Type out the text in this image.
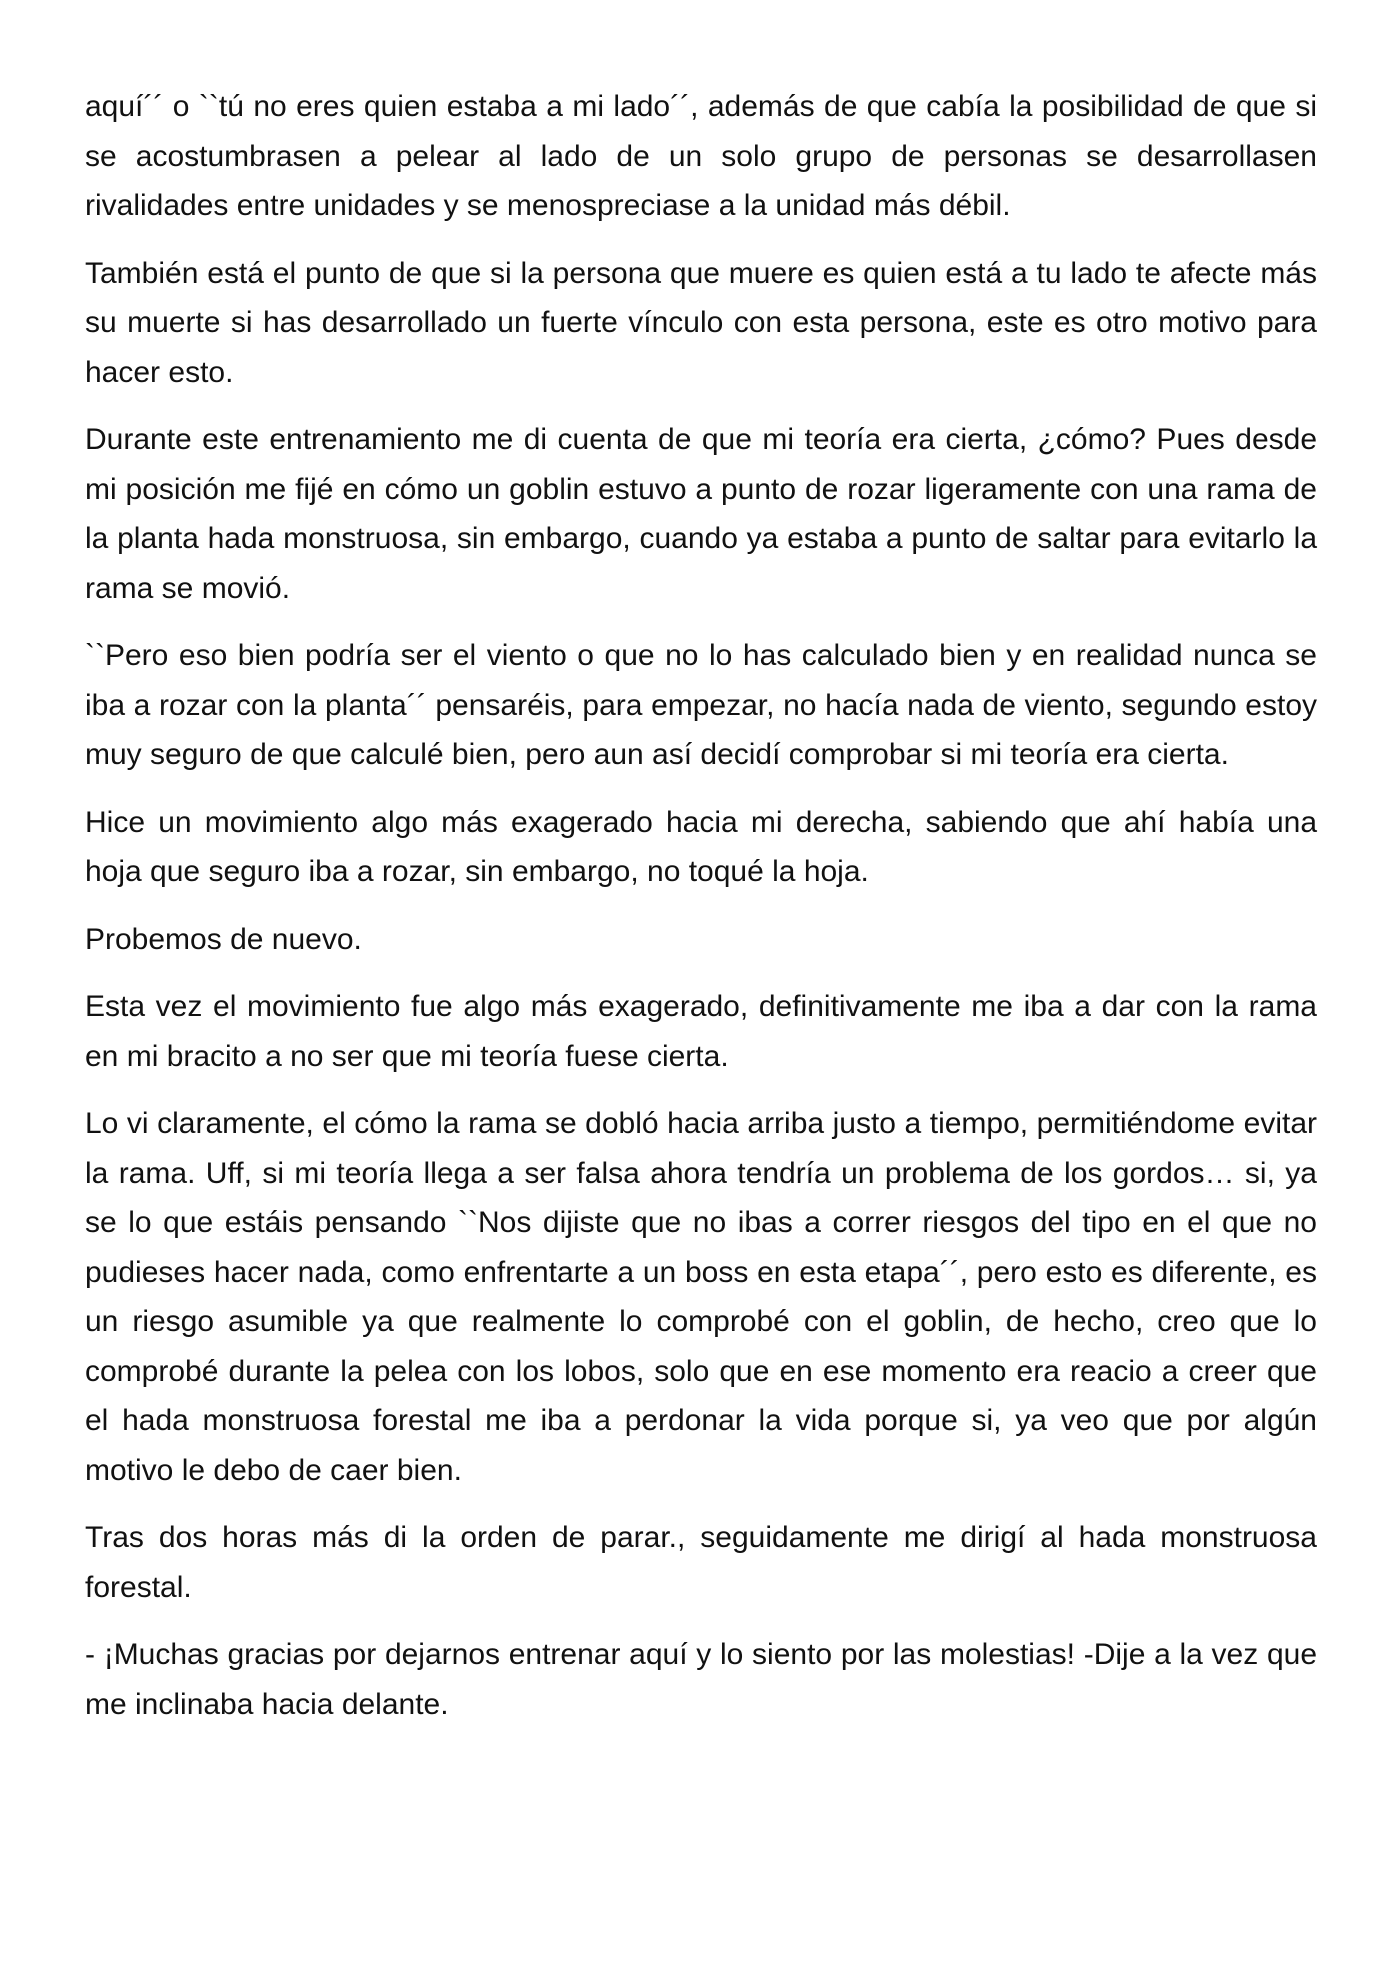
aquí´´ o ``tú no eres quien estaba a mi lado´´, además de que cabía la posibilidad de que si se acostumbrasen a pelear al lado de un solo grupo de personas se desarrollasen rivalidades entre unidades y se menospreciase a la unidad más débil.

También está el punto de que si la persona que muere es quien está a tu lado te afecte más su muerte si has desarrollado un fuerte vínculo con esta persona, este es otro motivo para hacer esto.

Durante este entrenamiento me di cuenta de que mi teoría era cierta, ¿cómo? Pues desde mi posición me fijé en cómo un goblin estuvo a punto de rozar ligeramente con una rama de la planta hada monstruosa, sin embargo, cuando ya estaba a punto de saltar para evitarlo la rama se movió.

``Pero eso bien podría ser el viento o que no lo has calculado bien y en realidad nunca se iba a rozar con la planta´´ pensaréis, para empezar, no hacía nada de viento, segundo estoy muy seguro de que calculé bien, pero aun así decidí comprobar si mi teoría era cierta.

Hice un movimiento algo más exagerado hacia mi derecha, sabiendo que ahí había una hoja que seguro iba a rozar, sin embargo, no toqué la hoja.

Probemos de nuevo.

Esta vez el movimiento fue algo más exagerado, definitivamente me iba a dar con la rama en mi bracito a no ser que mi teoría fuese cierta.

Lo vi claramente, el cómo la rama se dobló hacia arriba justo a tiempo, permitiéndome evitar la rama. Uff, si mi teoría llega a ser falsa ahora tendría un problema de los gordos… si, ya se lo que estáis pensando ``Nos dijiste que no ibas a correr riesgos del tipo en el que no pudieses hacer nada, como enfrentarte a un boss en esta etapa´´, pero esto es diferente, es un riesgo asumible ya que realmente lo comprobé con el goblin, de hecho, creo que lo comprobé durante la pelea con los lobos, solo que en ese momento era reacio a creer que el hada monstruosa forestal me iba a perdonar la vida porque si, ya veo que por algún motivo le debo de caer bien.

Tras dos horas más di la orden de parar., seguidamente me dirigí al hada monstruosa forestal.

- ¡Muchas gracias por dejarnos entrenar aquí y lo siento por las molestias! -Dije a la vez que me inclinaba hacia delante.
